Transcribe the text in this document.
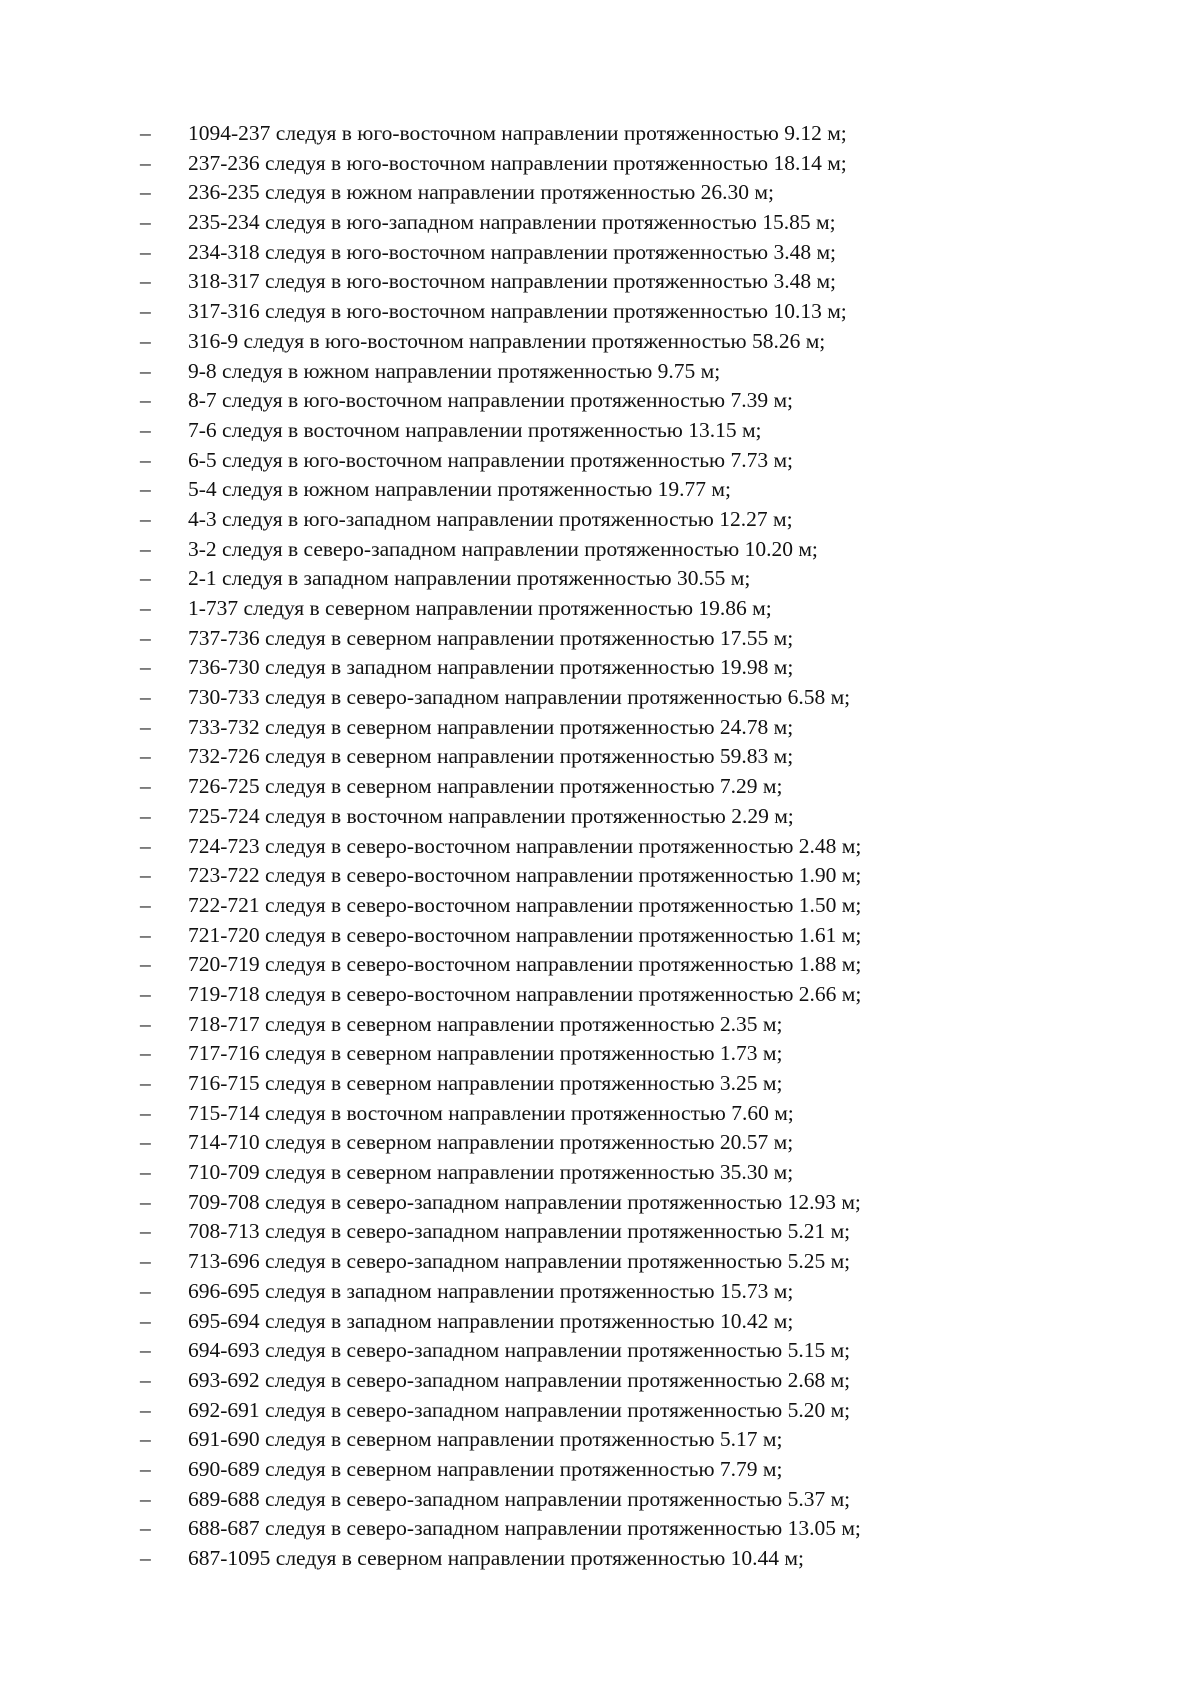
–	1094-237 следуя в юго-восточном направлении протяженностью 9.12 м;
–	237-236 следуя в юго-восточном направлении протяженностью 18.14 м;
–	236-235 следуя в южном направлении протяженностью 26.30 м;
–	235-234 следуя в юго-западном направлении протяженностью 15.85 м;
–	234-318 следуя в юго-восточном направлении протяженностью 3.48 м;
–	318-317 следуя в юго-восточном направлении протяженностью 3.48 м;
–	317-316 следуя в юго-восточном направлении протяженностью 10.13 м;
–	316-9 следуя в юго-восточном направлении протяженностью 58.26 м;
–	9-8 следуя в южном направлении протяженностью 9.75 м;
–	8-7 следуя в юго-восточном направлении протяженностью 7.39 м;
–	7-6 следуя в восточном направлении протяженностью 13.15 м;
–	6-5 следуя в юго-восточном направлении протяженностью 7.73 м;
–	5-4 следуя в южном направлении протяженностью 19.77 м;
–	4-3 следуя в юго-западном направлении протяженностью 12.27 м;
–	3-2 следуя в северо-западном направлении протяженностью 10.20 м;
–	2-1 следуя в западном направлении протяженностью 30.55 м;
–	1-737 следуя в северном направлении протяженностью 19.86 м;
–	737-736 следуя в северном направлении протяженностью 17.55 м;
–	736-730 следуя в западном направлении протяженностью 19.98 м;
–	730-733 следуя в северо-западном направлении протяженностью 6.58 м;
–	733-732 следуя в северном направлении протяженностью 24.78 м;
–	732-726 следуя в северном направлении протяженностью 59.83 м;
–	726-725 следуя в северном направлении протяженностью 7.29 м;
–	725-724 следуя в восточном направлении протяженностью 2.29 м;
–	724-723 следуя в северо-восточном направлении протяженностью 2.48 м;
–	723-722 следуя в северо-восточном направлении протяженностью 1.90 м;
–	722-721 следуя в северо-восточном направлении протяженностью 1.50 м;
–	721-720 следуя в северо-восточном направлении протяженностью 1.61 м;
–	720-719 следуя в северо-восточном направлении протяженностью 1.88 м;
–	719-718 следуя в северо-восточном направлении протяженностью 2.66 м;
–	718-717 следуя в северном направлении протяженностью 2.35 м;
–	717-716 следуя в северном направлении протяженностью 1.73 м;
–	716-715 следуя в северном направлении протяженностью 3.25 м;
–	715-714 следуя в восточном направлении протяженностью 7.60 м;
–	714-710 следуя в северном направлении протяженностью 20.57 м;
–	710-709 следуя в северном направлении протяженностью 35.30 м;
–	709-708 следуя в северо-западном направлении протяженностью 12.93 м;
–	708-713 следуя в северо-западном направлении протяженностью 5.21 м;
–	713-696 следуя в северо-западном направлении протяженностью 5.25 м;
–	696-695 следуя в западном направлении протяженностью 15.73 м;
–	695-694 следуя в западном направлении протяженностью 10.42 м;
–	694-693 следуя в северо-западном направлении протяженностью 5.15 м;
–	693-692 следуя в северо-западном направлении протяженностью 2.68 м;
–	692-691 следуя в северо-западном направлении протяженностью 5.20 м;
–	691-690 следуя в северном направлении протяженностью 5.17 м;
–	690-689 следуя в северном направлении протяженностью 7.79 м;
–	689-688 следуя в северо-западном направлении протяженностью 5.37 м;
–	688-687 следуя в северо-западном направлении протяженностью 13.05 м;
–	687-1095 следуя в северном направлении протяженностью 10.44 м;
